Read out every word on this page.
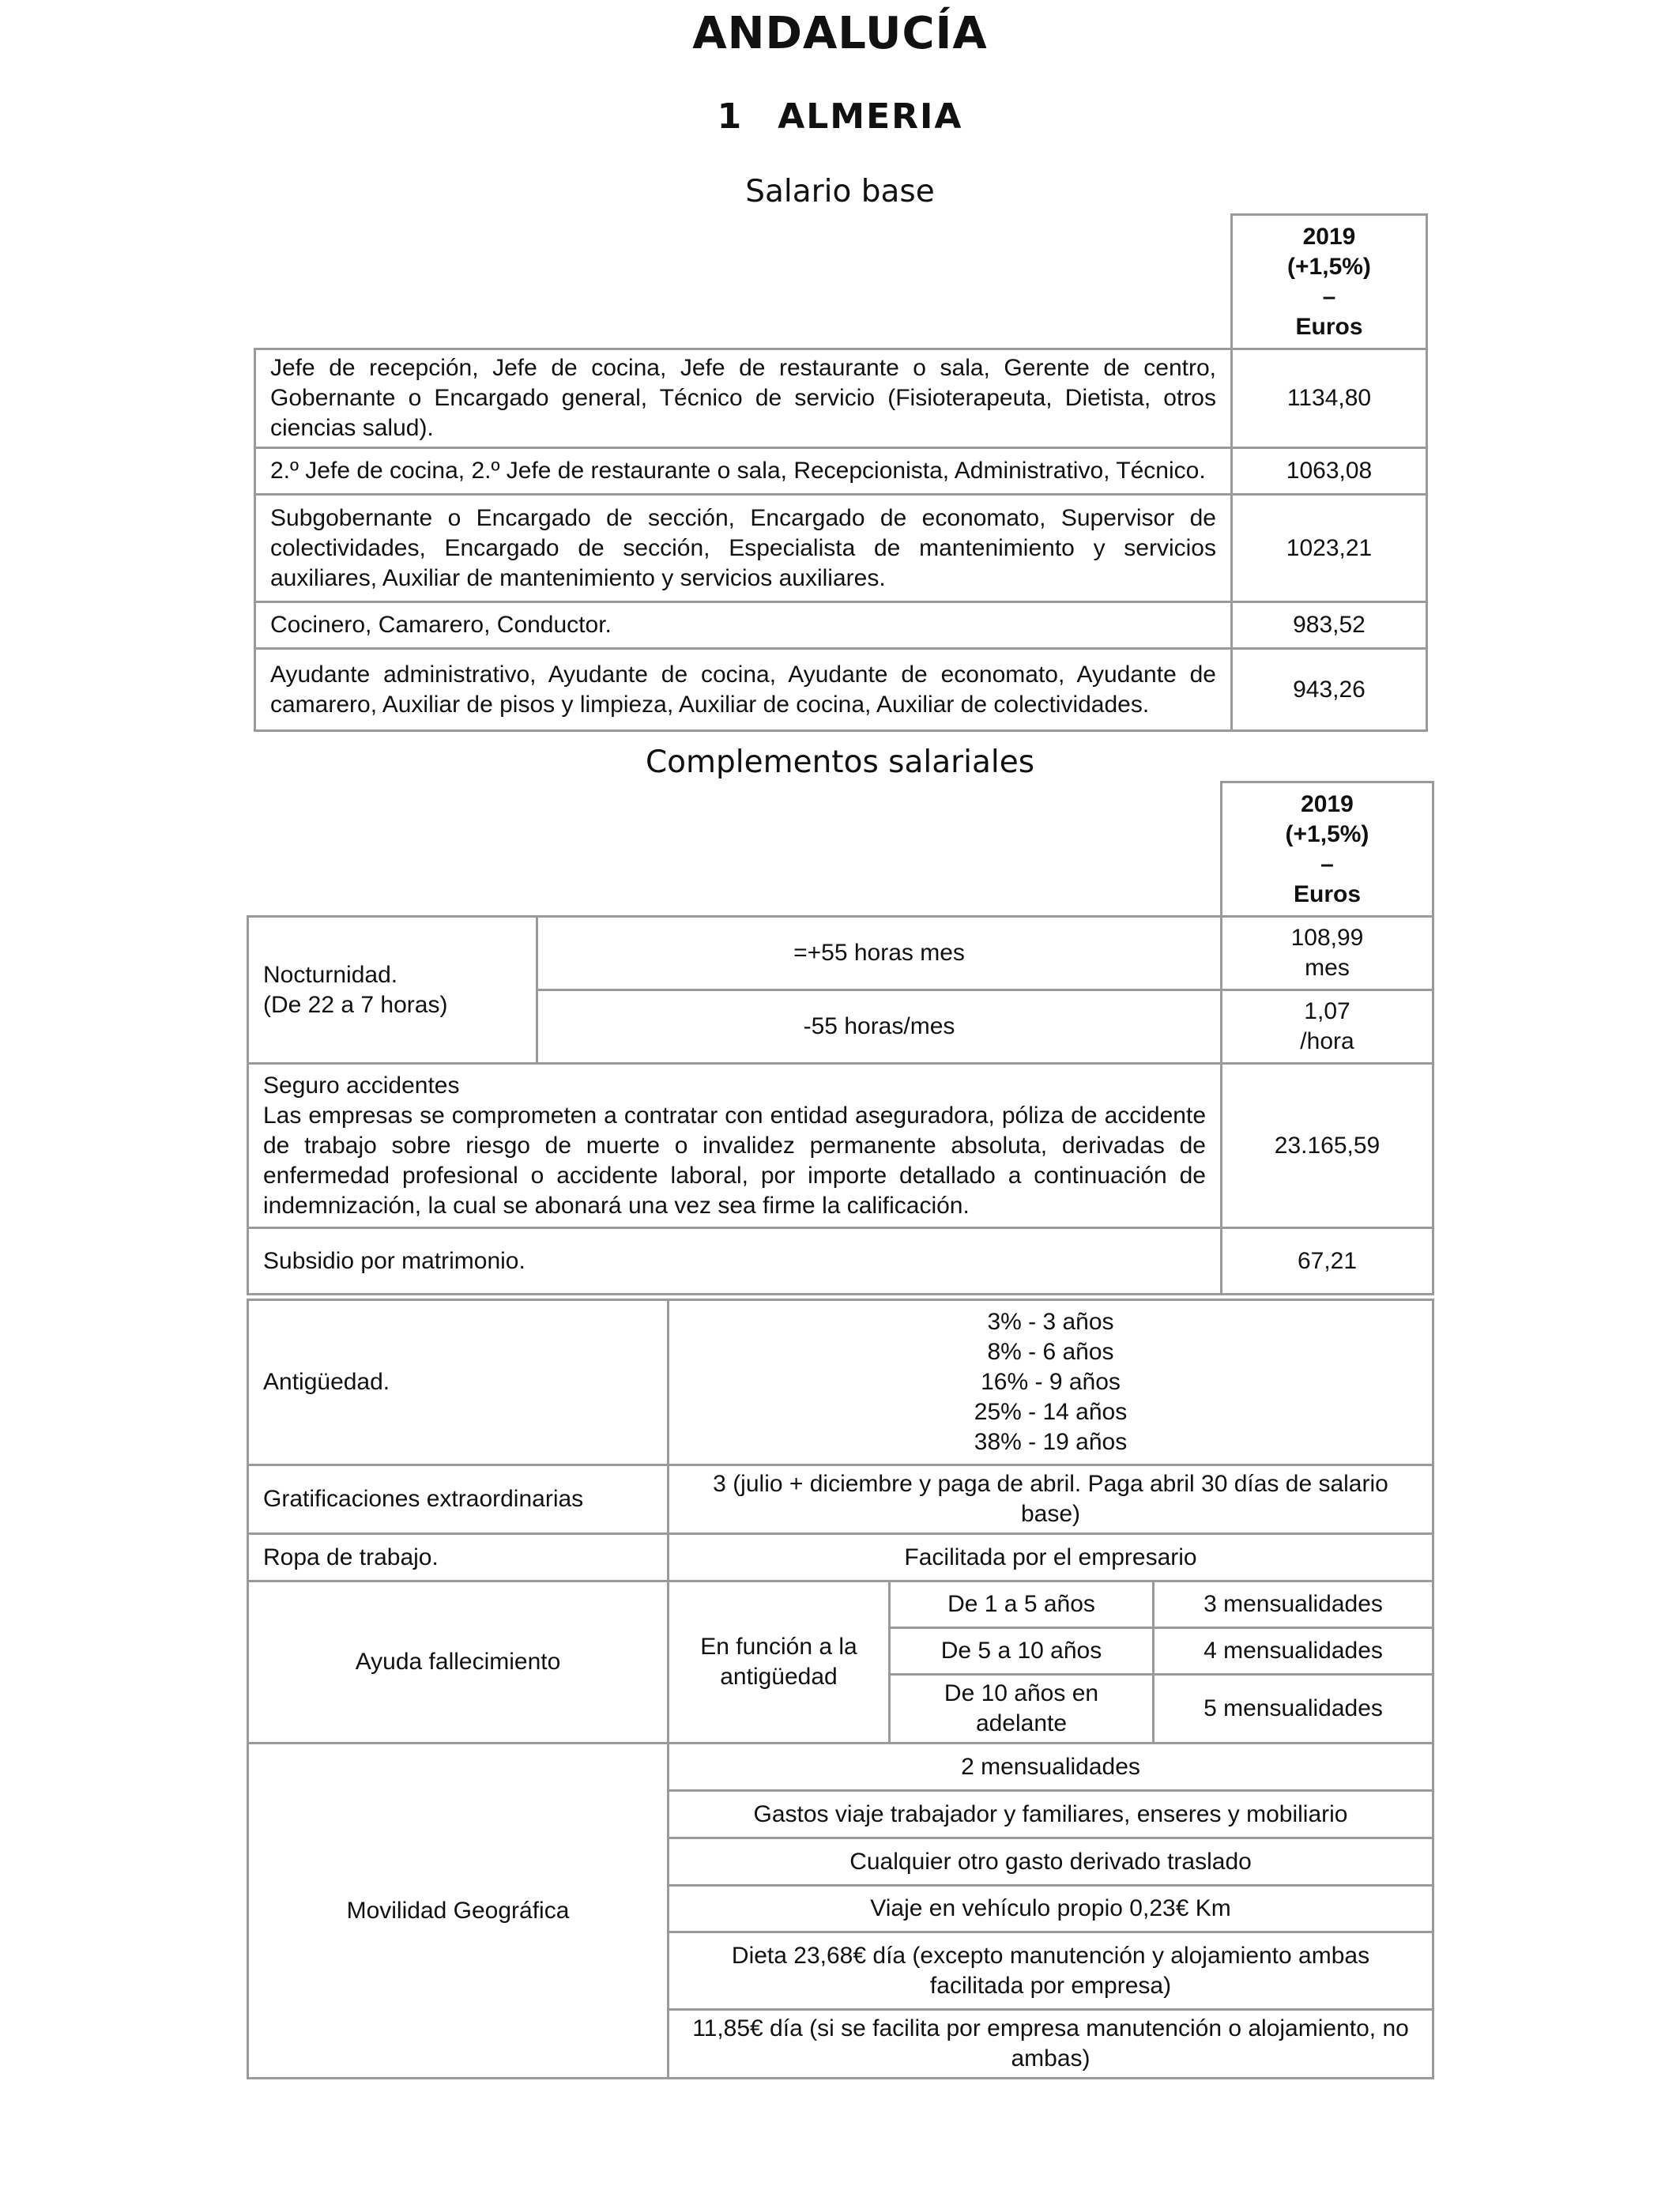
ANDALUCÍA
1 ALMERIA
Salario base

	2019
(+1,5%)
–
Euros

Jefe de recepción, Jefe de cocina, Jefe de restaurante o sala, Gerente de centro, Gobernante o Encargado general, Técnico de servicio (Fisioterapeuta, Dietista, otros ciencias salud).	1134,80
2.º Jefe de cocina, 2.º Jefe de restaurante o sala, Recepcionista, Administrativo, Técnico.	1063,08
Subgobernante o Encargado de sección, Encargado de economato, Supervisor de colectividades, Encargado de sección, Especialista de mantenimiento y servicios auxiliares, Auxiliar de mantenimiento y servicios auxiliares.	1023,21
Cocinero, Camarero, Conductor.	983,52
Ayudante administrativo, Ayudante de cocina, Ayudante de economato, Ayudante de camarero, Auxiliar de pisos y limpieza, Auxiliar de cocina, Auxiliar de colectividades.	943,26
Complementos salariales

		2019
(+1,5%)
–
Euros

Nocturnidad.
(De 22 a 7 horas)	=+55 horas mes	108,99
mes

	-55 horas/mes	1,07
/hora

Seguro accidentes
Las empresas se comprometen a contratar con entidad aseguradora, póliza de accidente de trabajo sobre riesgo de muerte o invalidez permanente absoluta, derivadas de enfermedad profesional o accidente laboral, por importe detallado a continuación de indemnización, la cual se abonará una vez sea firme la calificación.		23.165,59
Subsidio por matrimonio.		67,21
Antigüedad.	3% - 3 años
8% - 6 años
16% - 9 años
25% - 14 años
38% - 19 años		

Gratificaciones extraordinarias	3 (julio + diciembre y paga de abril. Paga abril 30 días de salario base)		
Ropa de trabajo.	Facilitada por el empresario		
Ayuda fallecimiento	En función a la antigüedad	De 1 a 5 años	3 mensualidades
		De 5 a 10 años	4 mensualidades
		De 10 años en adelante	5 mensualidades
Movilidad Geográfica	2 mensualidades		
	Gastos viaje trabajador y familiares, enseres y mobiliario		
	Cualquier otro gasto derivado traslado		
	Viaje en vehículo propio 0,23€ Km		
	Dieta 23,68€ día (excepto manutención y alojamiento ambas facilitada por empresa)		
	11,85€ día (si se facilita por empresa manutención o alojamiento, no ambas)		
